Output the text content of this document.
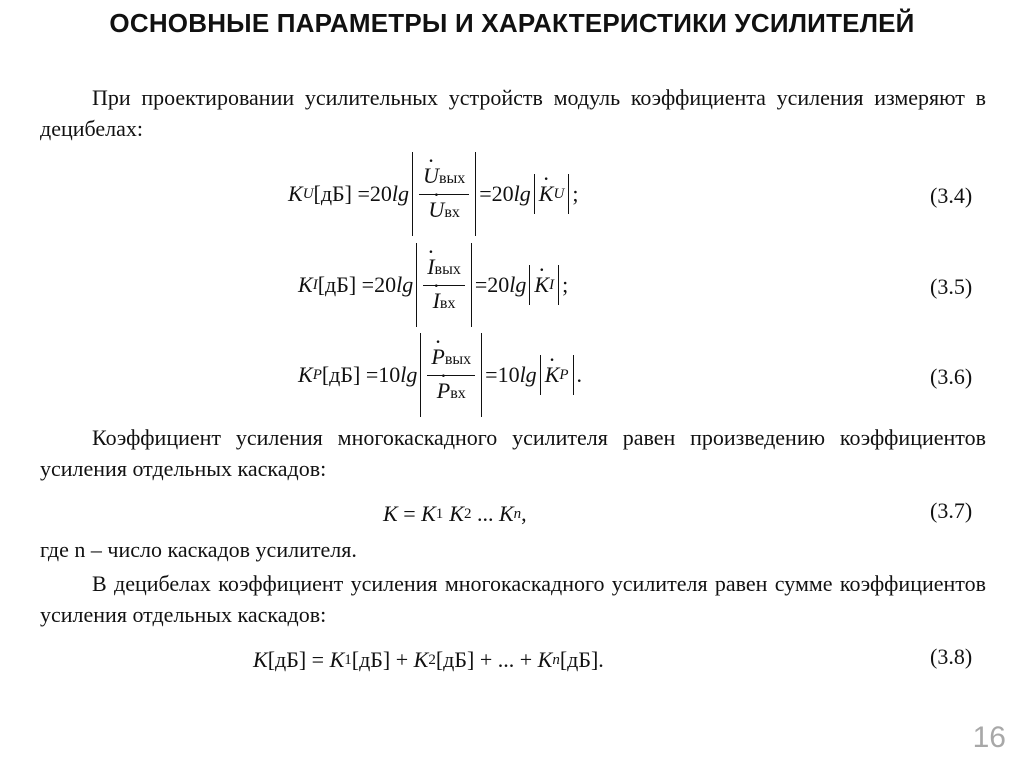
ОСНОВНЫЕ ПАРАМЕТРЫ И ХАРАКТЕРИСТИКИ УСИЛИТЕЛЕЙ
При проектировании усилительных устройств модуль коэффициента усиления измеряют в децибелах:
K U [дБ] = 20 lg · Uвых
· Uвх = 20 lg · K U ;	(3.4)
K I [дБ] = 20 lg · Iвых
· Iвх = 20 lg · K I ;	(3.5)
K P [дБ] = 10 lg · Pвых
· Pвх = 10 lg · K P .	(3.6)
Коэффициент усиления многокаскадного усилителя равен произведению коэффициентов усиления отдельных каскадов:
K = K 1 K 2 ... K n ,	(3.7)
где n – число каскадов усилителя.
В децибелах коэффициент усиления многокаскадного усилителя равен сумме коэффициентов усиления отдельных каскадов:
K [дБ] = K 1 [дБ] + K 2 [дБ] + ... + K n [дБ].	(3.8)
16
